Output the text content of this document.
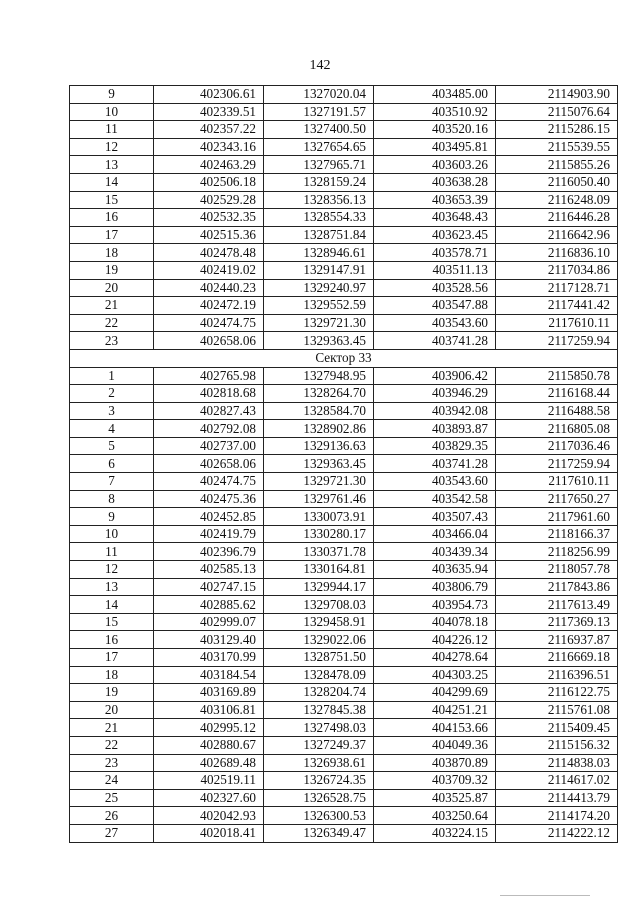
142
9	402306.61	1327020.04	403485.00	2114903.90
10	402339.51	1327191.57	403510.92	2115076.64
11	402357.22	1327400.50	403520.16	2115286.15
12	402343.16	1327654.65	403495.81	2115539.55
13	402463.29	1327965.71	403603.26	2115855.26
14	402506.18	1328159.24	403638.28	2116050.40
15	402529.28	1328356.13	403653.39	2116248.09
16	402532.35	1328554.33	403648.43	2116446.28
17	402515.36	1328751.84	403623.45	2116642.96
18	402478.48	1328946.61	403578.71	2116836.10
19	402419.02	1329147.91	403511.13	2117034.86
20	402440.23	1329240.97	403528.56	2117128.71
21	402472.19	1329552.59	403547.88	2117441.42
22	402474.75	1329721.30	403543.60	2117610.11
23	402658.06	1329363.45	403741.28	2117259.94
Сектор 33				
1	402765.98	1327948.95	403906.42	2115850.78
2	402818.68	1328264.70	403946.29	2116168.44
3	402827.43	1328584.70	403942.08	2116488.58
4	402792.08	1328902.86	403893.87	2116805.08
5	402737.00	1329136.63	403829.35	2117036.46
6	402658.06	1329363.45	403741.28	2117259.94
7	402474.75	1329721.30	403543.60	2117610.11
8	402475.36	1329761.46	403542.58	2117650.27
9	402452.85	1330073.91	403507.43	2117961.60
10	402419.79	1330280.17	403466.04	2118166.37
11	402396.79	1330371.78	403439.34	2118256.99
12	402585.13	1330164.81	403635.94	2118057.78
13	402747.15	1329944.17	403806.79	2117843.86
14	402885.62	1329708.03	403954.73	2117613.49
15	402999.07	1329458.91	404078.18	2117369.13
16	403129.40	1329022.06	404226.12	2116937.87
17	403170.99	1328751.50	404278.64	2116669.18
18	403184.54	1328478.09	404303.25	2116396.51
19	403169.89	1328204.74	404299.69	2116122.75
20	403106.81	1327845.38	404251.21	2115761.08
21	402995.12	1327498.03	404153.66	2115409.45
22	402880.67	1327249.37	404049.36	2115156.32
23	402689.48	1326938.61	403870.89	2114838.03
24	402519.11	1326724.35	403709.32	2114617.02
25	402327.60	1326528.75	403525.87	2114413.79
26	402042.93	1326300.53	403250.64	2114174.20
27	402018.41	1326349.47	403224.15	2114222.12
